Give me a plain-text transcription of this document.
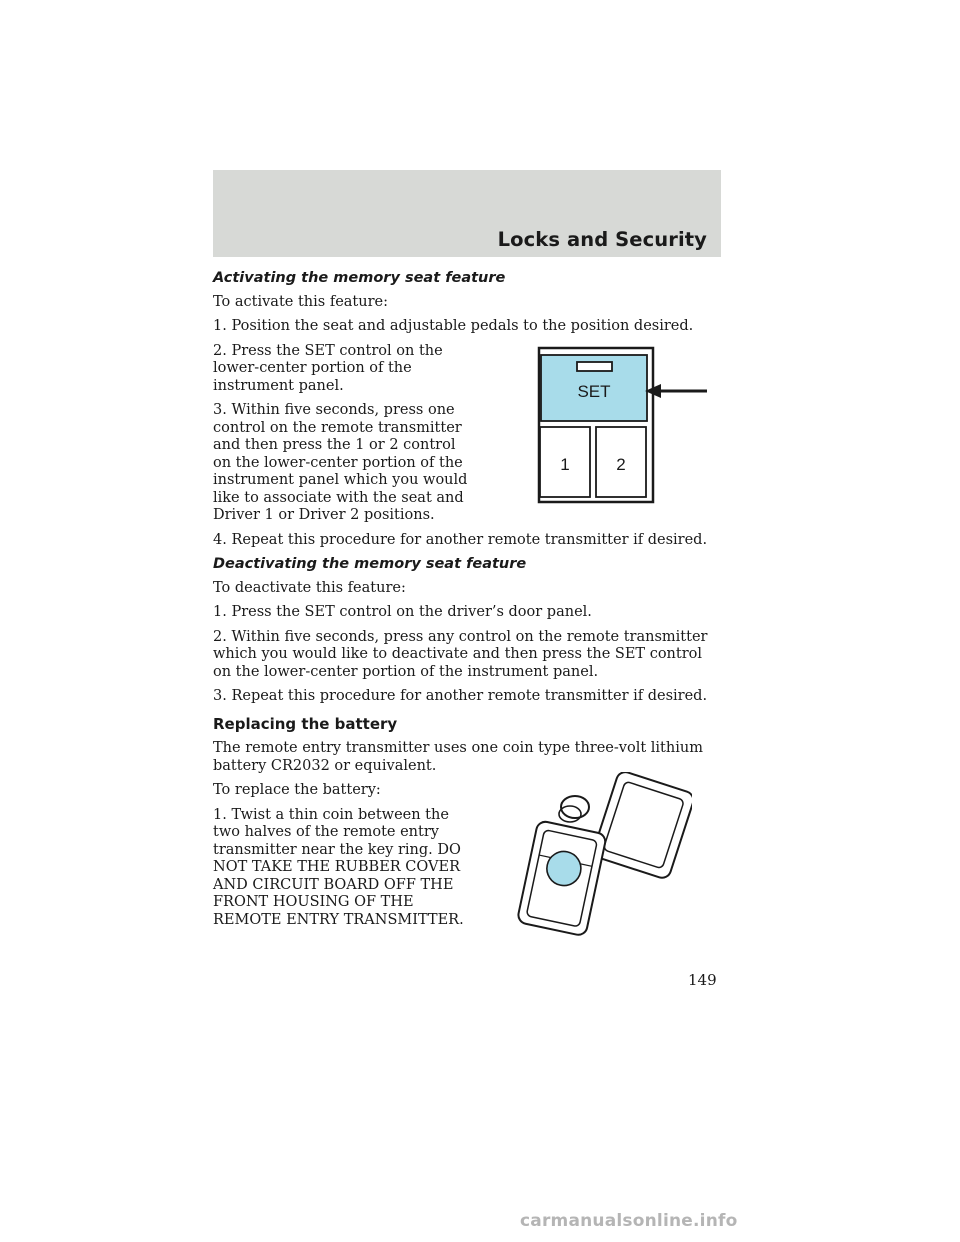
Locks and Security
Activating the memory seat feature

To activate this feature:

1. Position the seat and adjustable pedals to the position desired.

2. Press the SET control on the lower-center portion of the instrument panel.

3. Within five seconds, press one control on the remote transmitter and then press the 1 or 2 control on the lower-center portion of the instrument panel which you would like to associate with the seat and Driver 1 or Driver 2 positions.

4. Repeat this procedure for another remote transmitter if desired.

Deactivating the memory seat feature

To deactivate this feature:

1. Press the SET control on the driver’s door panel.

2. Within five seconds, press any control on the remote transmitter which you would like to deactivate and then press the SET control on the lower-center portion of the instrument panel.

3. Repeat this procedure for another remote transmitter if desired.

Replacing the battery

The remote entry transmitter uses one coin type three-volt lithium battery CR2032 or equivalent.

To replace the battery:

1. Twist a thin coin between the two halves of the remote entry transmitter near the key ring. DO NOT TAKE THE RUBBER COVER AND CIRCUIT BOARD OFF THE FRONT HOUSING OF THE REMOTE ENTRY TRANSMITTER.

SET
1	2
149
carmanualsonline.info
